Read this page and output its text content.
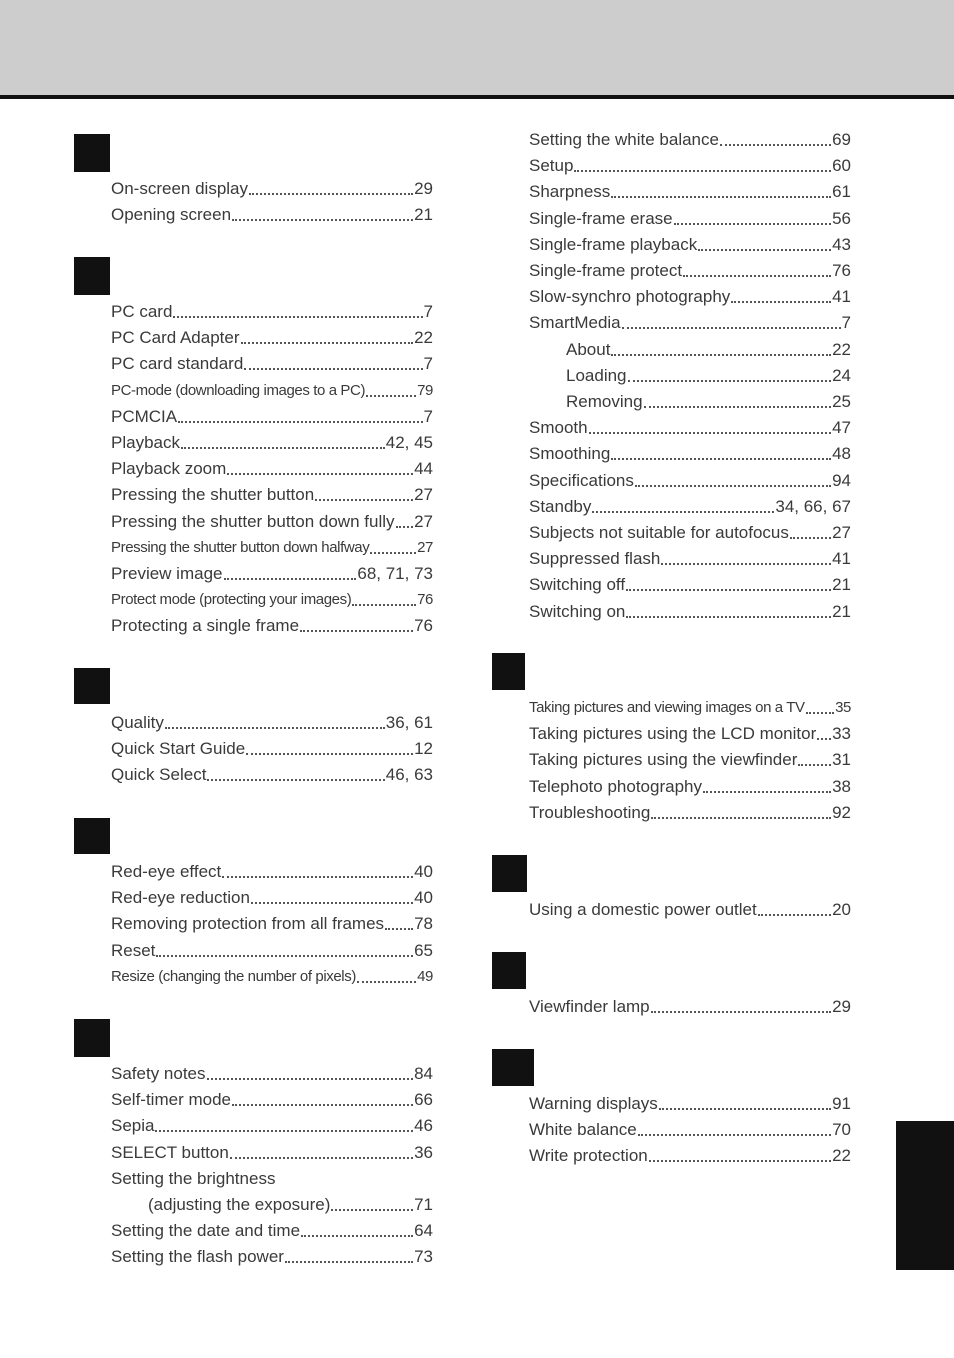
On-screen display	29
Opening screen	21
PC card	7
PC Card Adapter	22
PC card standard	7
PC-mode (downloading images to a PC)	79
PCMCIA	7
Playback	42, 45
Playback zoom	44
Pressing the shutter button	27
Pressing the shutter button down fully 27
Pressing the shutter button down halfway	27
Preview image	68, 71, 73
Protect mode (protecting your images)	76
Protecting a single frame	76
Quality	36, 61
Quick Start Guide	12
Quick Select	46, 63
Red-eye effect	40
Red-eye reduction	40
Removing protection from all frames 78
Reset	65
Resize (changing the number of pixels)	49
Safety notes	84
Self-timer mode	66
Sepia	46
SELECT button	36
Setting the brightness
(adjusting the exposure)	71
Setting the date and time	64
Setting the flash power	73
Setting the white balance	69
Setup	60
Sharpness	61
Single-frame erase	56
Single-frame playback	43
Single-frame protect	76
Slow-synchro photography	41
SmartMedia	7
About	22
Loading	24
Removing	25
Smooth	47
Smoothing	48
Specifications	94
Standby	34, 66, 67
Subjects not suitable for autofocus	27
Suppressed flash	41
Switching off	21
Switching on	21
Taking pictures and viewing images on a TV 35
Taking pictures using the LCD monitor 33
Taking pictures using the viewfinder 31
Telephoto photography	38
Troubleshooting	92
Using a domestic power outlet	20
Viewfinder lamp	29
Warning displays	91
White balance	70
Write protection	22
